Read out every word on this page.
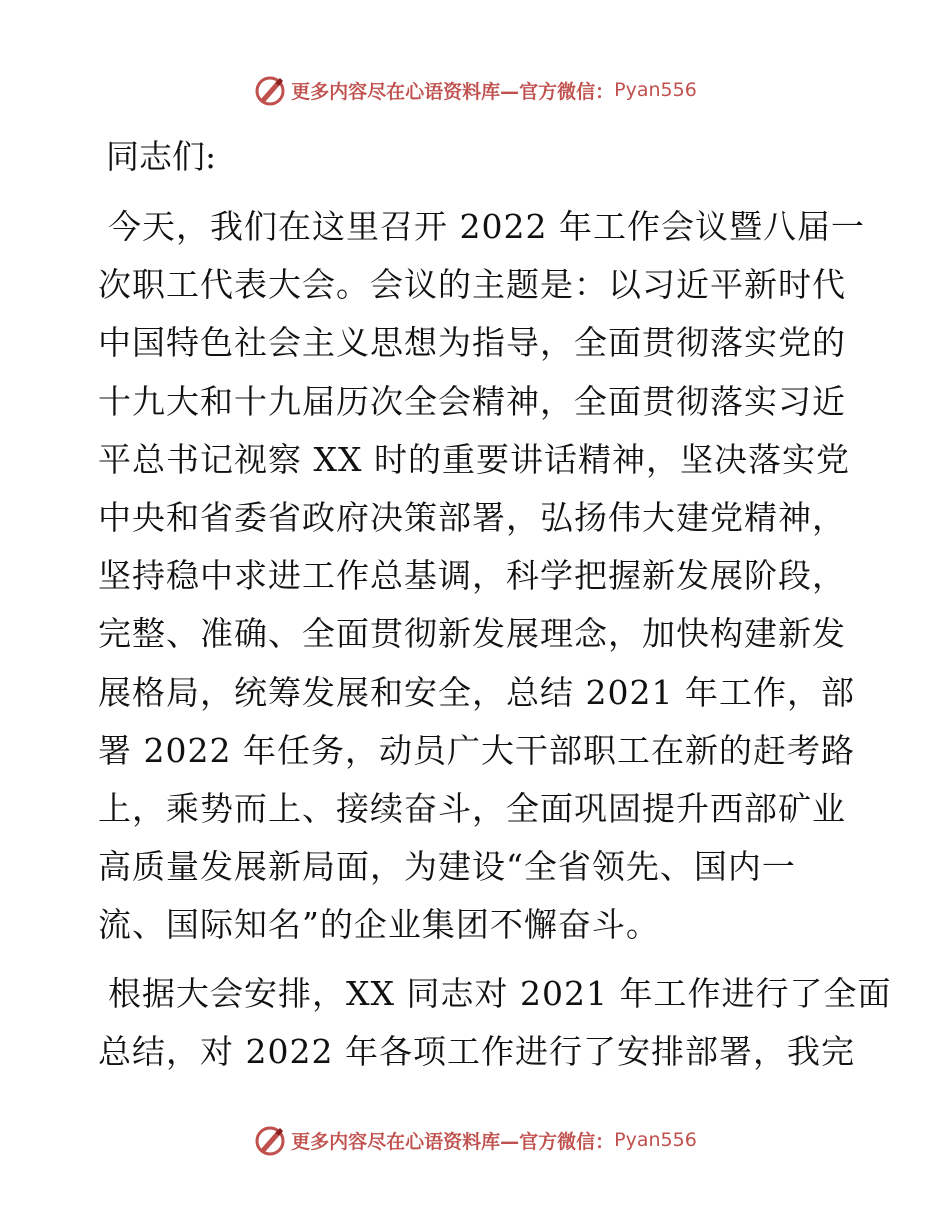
更多内容尽在心语资料库—官方微信： Pyan556
同志们:
今天，我们在这里召开 2022 年工作会议暨八届一
次职工代表大会。会议的主题是：以习近平新时代
中国特色社会主义思想为指导，全面贯彻落实党的
十九大和十九届历次全会精神，全面贯彻落实习近
平总书记视察 XX 时的重要讲话精神，坚决落实党
中央和省委省政府决策部署，弘扬伟大建党精神，
坚持稳中求进工作总基调，科学把握新发展阶段，
完整、准确、全面贯彻新发展理念，加快构建新发
展格局，统筹发展和安全，总结 2021 年工作，部
署 2022 年任务，动员广大干部职工在新的赶考路
上，乘势而上、接续奋斗，全面巩固提升西部矿业
高质量发展新局面，为建设“全省领先、国内一
流、国际知名”的企业集团不懈奋斗。
根据大会安排，XX 同志对 2021 年工作进行了全面
总结，对 2022 年各项工作进行了安排部署，我完
更多内容尽在心语资料库—官方微信： Pyan556
